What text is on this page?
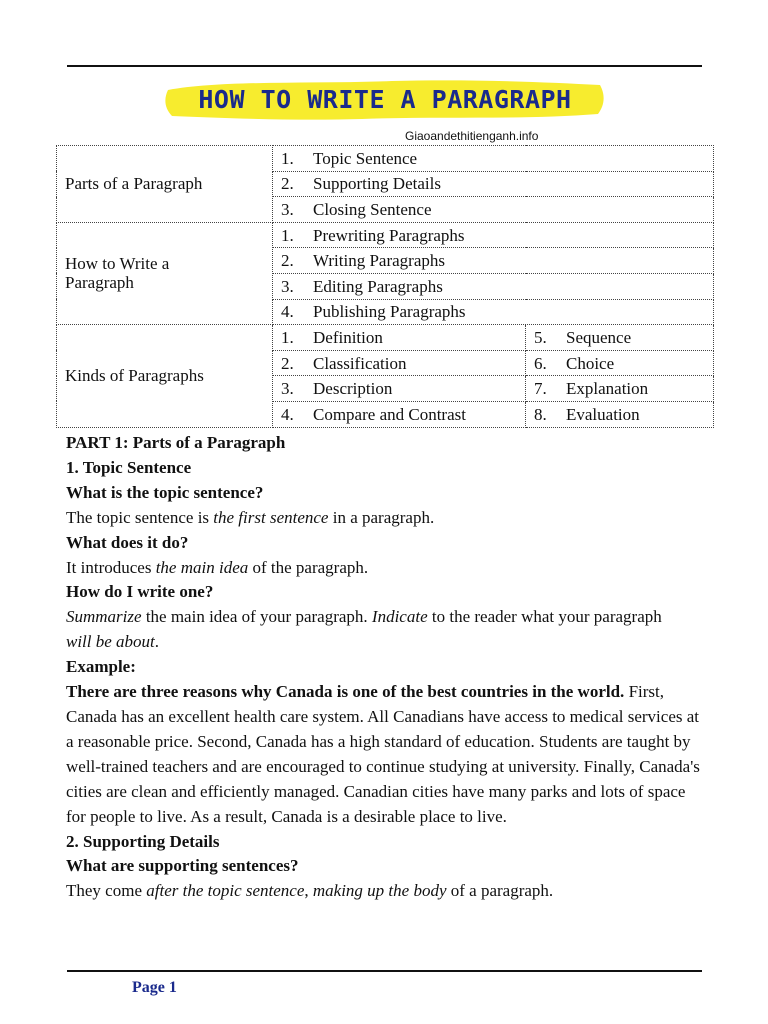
HOW TO WRITE A PARAGRAPH
Giaoandethitienganh.info
Parts of a Paragraph	1. Topic Sentence	
	2. Supporting Details	
	3. Closing Sentence	
How to Write a Paragraph	1. Prewriting Paragraphs	
	2. Writing Paragraphs	
	3. Editing Paragraphs	
	4. Publishing Paragraphs	
Kinds of Paragraphs	1. Definition	5. Sequence
	2. Classification	6. Choice
	3. Description	7. Explanation
	4. Compare and Contrast	8. Evaluation

PART 1: Parts of a Paragraph

1. Topic Sentence

What is the topic sentence?

The topic sentence is the first sentence in a paragraph.

What does it do?

It introduces the main idea of the paragraph.

How do I write one?

Summarize the main idea of your paragraph. Indicate to the reader what your paragraph will be about.

Example:

There are three reasons why Canada is one of the best countries in the world. First, Canada has an excellent health care system. All Canadians have access to medical services at a reasonable price. Second, Canada has a high standard of education. Students are taught by well-trained teachers and are encouraged to continue studying at university. Finally, Canada's cities are clean and efficiently managed. Canadian cities have many parks and lots of space for people to live. As a result, Canada is a desirable place to live.

2. Supporting Details

What are supporting sentences?

They come after the topic sentence, making up the body of a paragraph.

Page 1
